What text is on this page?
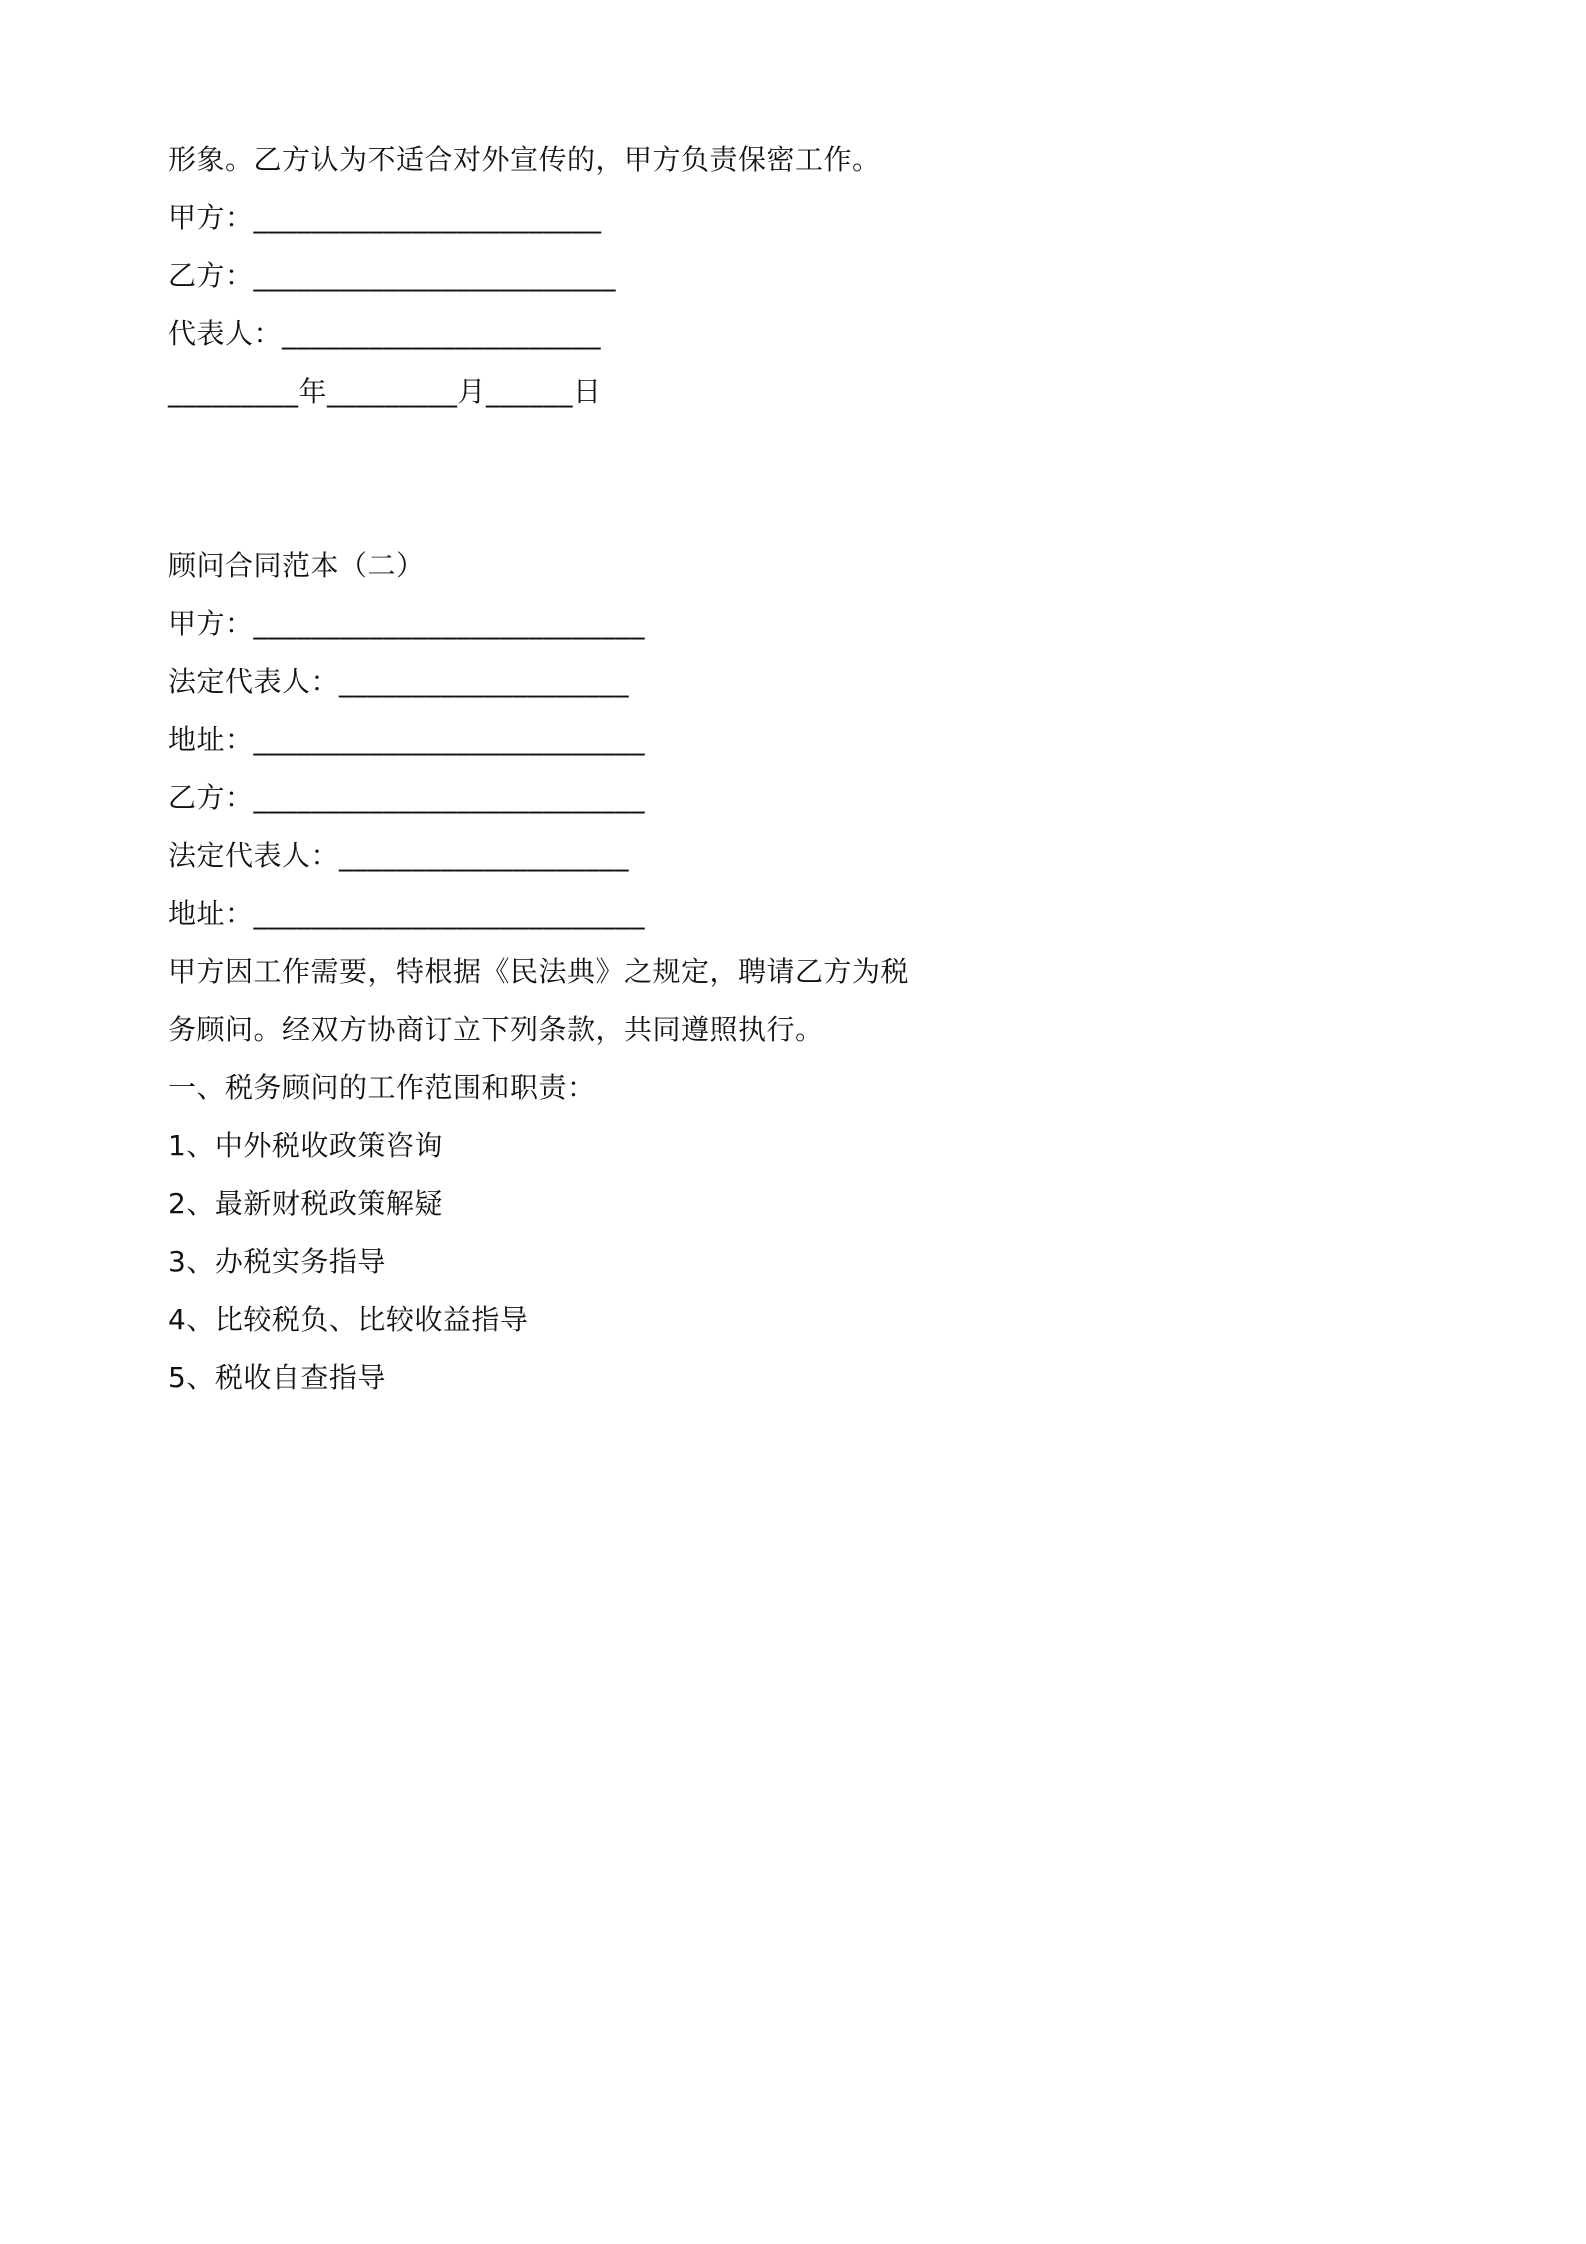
形象。乙方认为不适合对外宣传的，甲方负责保密工作。
甲方：________________________
乙方：_________________________
代表人：______________________
_________年_________月______日
顾问合同范本（二）
甲方：___________________________
法定代表人：____________________
地址：___________________________
乙方：___________________________
法定代表人：____________________
地址：___________________________
甲方因工作需要，特根据《民法典》之规定，聘请乙方为税
务顾问。经双方协商订立下列条款，共同遵照执行。
一、税务顾问的工作范围和职责：
1、中外税收政策咨询
2、最新财税政策解疑
3、办税实务指导
4、比较税负、比较收益指导
5、税收自查指导
